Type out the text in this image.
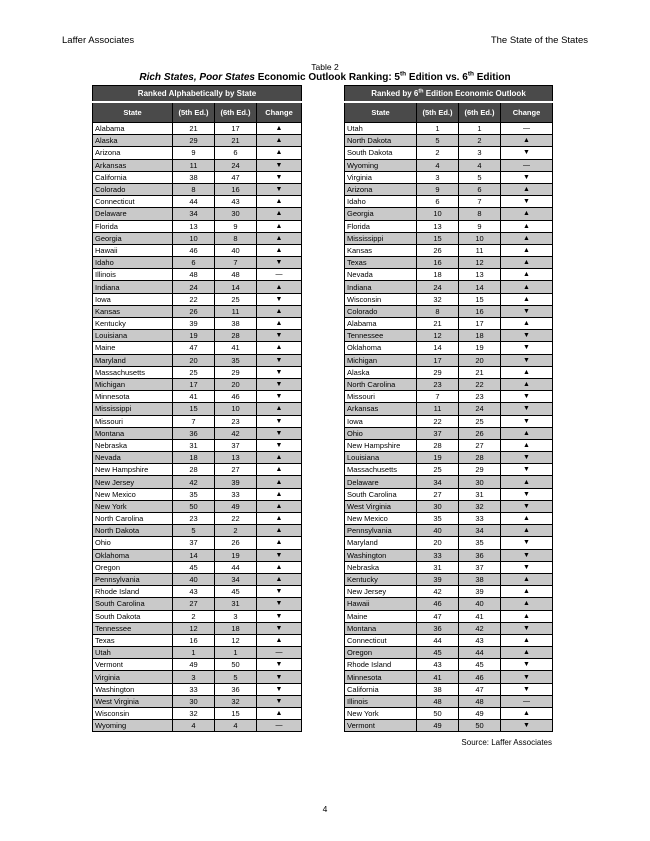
Laffer Associates	The State of the States
Table 2
Rich States, Poor States Economic Outlook Ranking: 5th Edition vs. 6th Edition
Ranked Alphabetically by State			
State	(5th Ed.)	(6th Ed.)	Change
Alabama	21	17	▲
Alaska	29	21	▲
Arizona	9	6	▲
Arkansas	11	24	▼
California	38	47	▼
Colorado	8	16	▼
Connecticut	44	43	▲
Delaware	34	30	▲
Florida	13	9	▲
Georgia	10	8	▲
Hawaii	46	40	▲
Idaho	6	7	▼
Illinois	48	48	—
Indiana	24	14	▲
Iowa	22	25	▼
Kansas	26	11	▲
Kentucky	39	38	▲
Louisiana	19	28	▼
Maine	47	41	▲
Maryland	20	35	▼
Massachusetts	25	29	▼
Michigan	17	20	▼
Minnesota	41	46	▼
Mississippi	15	10	▲
Missouri	7	23	▼
Montana	36	42	▼
Nebraska	31	37	▼
Nevada	18	13	▲
New Hampshire	28	27	▲
New Jersey	42	39	▲
New Mexico	35	33	▲
New York	50	49	▲
North Carolina	23	22	▲
North Dakota	5	2	▲
Ohio	37	26	▲
Oklahoma	14	19	▼
Oregon	45	44	▲
Pennsylvania	40	34	▲
Rhode Island	43	45	▼
South Carolina	27	31	▼
South Dakota	2	3	▼
Tennessee	12	18	▼
Texas	16	12	▲
Utah	1	1	—
Vermont	49	50	▼
Virginia	3	5	▼
Washington	33	36	▼
West Virginia	30	32	▼
Wisconsin	32	15	▲
Wyoming	4	4	—
Ranked by 6th Edition Economic Outlook			
State	(5th Ed.)	(6th Ed.)	Change
Utah	1	1	—
North Dakota	5	2	▲
South Dakota	2	3	▼
Wyoming	4	4	—
Virginia	3	5	▼
Arizona	9	6	▲
Idaho	6	7	▼
Georgia	10	8	▲
Florida	13	9	▲
Mississippi	15	10	▲
Kansas	26	11	▲
Texas	16	12	▲
Nevada	18	13	▲
Indiana	24	14	▲
Wisconsin	32	15	▲
Colorado	8	16	▼
Alabama	21	17	▲
Tennessee	12	18	▼
Oklahoma	14	19	▼
Michigan	17	20	▼
Alaska	29	21	▲
North Carolina	23	22	▲
Missouri	7	23	▼
Arkansas	11	24	▼
Iowa	22	25	▼
Ohio	37	26	▲
New Hampshire	28	27	▲
Louisiana	19	28	▼
Massachusetts	25	29	▼
Delaware	34	30	▲
South Carolina	27	31	▼
West Virginia	30	32	▼
New Mexico	35	33	▲
Pennsylvania	40	34	▲
Maryland	20	35	▼
Washington	33	36	▼
Nebraska	31	37	▼
Kentucky	39	38	▲
New Jersey	42	39	▲
Hawaii	46	40	▲
Maine	47	41	▲
Montana	36	42	▼
Connecticut	44	43	▲
Oregon	45	44	▲
Rhode Island	43	45	▼
Minnesota	41	46	▼
California	38	47	▼
Illinois	48	48	—
New York	50	49	▲
Vermont	49	50	▼
Source: Laffer Associates
4
